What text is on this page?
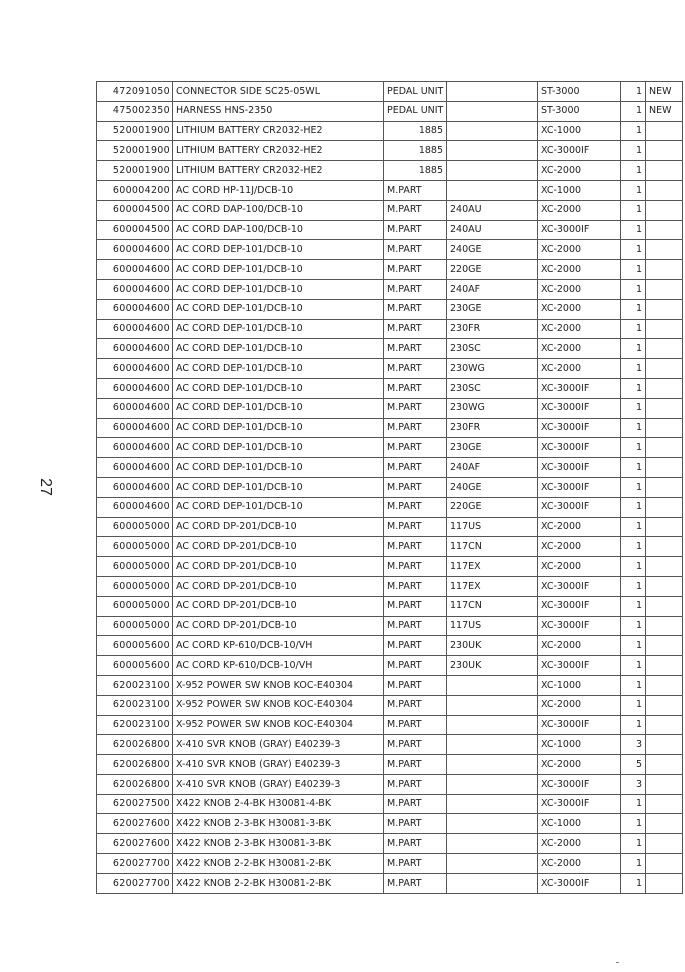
27
472091050	CONNECTOR SIDE SC25-05WL	PEDAL UNIT		ST-3000	1	NEW
475002350	HARNESS HNS-2350	PEDAL UNIT		ST-3000	1	NEW
520001900	LITHIUM BATTERY CR2032-HE2	1885		XC-1000	1	
520001900	LITHIUM BATTERY CR2032-HE2	1885		XC-3000IF	1	
520001900	LITHIUM BATTERY CR2032-HE2	1885		XC-2000	1	
600004200	AC CORD HP-11J/DCB-10	M.PART		XC-1000	1	
600004500	AC CORD DAP-100/DCB-10	M.PART	240AU	XC-2000	1	
600004500	AC CORD DAP-100/DCB-10	M.PART	240AU	XC-3000IF	1	
600004600	AC CORD DEP-101/DCB-10	M.PART	240GE	XC-2000	1	
600004600	AC CORD DEP-101/DCB-10	M.PART	220GE	XC-2000	1	
600004600	AC CORD DEP-101/DCB-10	M.PART	240AF	XC-2000	1	
600004600	AC CORD DEP-101/DCB-10	M.PART	230GE	XC-2000	1	
600004600	AC CORD DEP-101/DCB-10	M.PART	230FR	XC-2000	1	
600004600	AC CORD DEP-101/DCB-10	M.PART	230SC	XC-2000	1	
600004600	AC CORD DEP-101/DCB-10	M.PART	230WG	XC-2000	1	
600004600	AC CORD DEP-101/DCB-10	M.PART	230SC	XC-3000IF	1	
600004600	AC CORD DEP-101/DCB-10	M.PART	230WG	XC-3000IF	1	
600004600	AC CORD DEP-101/DCB-10	M.PART	230FR	XC-3000IF	1	
600004600	AC CORD DEP-101/DCB-10	M.PART	230GE	XC-3000IF	1	
600004600	AC CORD DEP-101/DCB-10	M.PART	240AF	XC-3000IF	1	
600004600	AC CORD DEP-101/DCB-10	M.PART	240GE	XC-3000IF	1	
600004600	AC CORD DEP-101/DCB-10	M.PART	220GE	XC-3000IF	1	
600005000	AC CORD DP-201/DCB-10	M.PART	117US	XC-2000	1	
600005000	AC CORD DP-201/DCB-10	M.PART	117CN	XC-2000	1	
600005000	AC CORD DP-201/DCB-10	M.PART	117EX	XC-2000	1	
600005000	AC CORD DP-201/DCB-10	M.PART	117EX	XC-3000IF	1	
600005000	AC CORD DP-201/DCB-10	M.PART	117CN	XC-3000IF	1	
600005000	AC CORD DP-201/DCB-10	M.PART	117US	XC-3000IF	1	
600005600	AC CORD KP-610/DCB-10/VH	M.PART	230UK	XC-2000	1	
600005600	AC CORD KP-610/DCB-10/VH	M.PART	230UK	XC-3000IF	1	
620023100	X-952 POWER SW KNOB KOC-E40304	M.PART		XC-1000	1	
620023100	X-952 POWER SW KNOB KOC-E40304	M.PART		XC-2000	1	
620023100	X-952 POWER SW KNOB KOC-E40304	M.PART		XC-3000IF	1	
620026800	X-410 SVR KNOB (GRAY) E40239-3	M.PART		XC-1000	3	
620026800	X-410 SVR KNOB (GRAY) E40239-3	M.PART		XC-2000	5	
620026800	X-410 SVR KNOB (GRAY) E40239-3	M.PART		XC-3000IF	3	
620027500	X422 KNOB 2-4-BK H30081-4-BK	M.PART		XC-3000IF	1	
620027600	X422 KNOB 2-3-BK H30081-3-BK	M.PART		XC-1000	1	
620027600	X422 KNOB 2-3-BK H30081-3-BK	M.PART		XC-2000	1	
620027700	X422 KNOB 2-2-BK H30081-2-BK	M.PART		XC-2000	1	
620027700	X422 KNOB 2-2-BK H30081-2-BK	M.PART		XC-3000IF	1	
